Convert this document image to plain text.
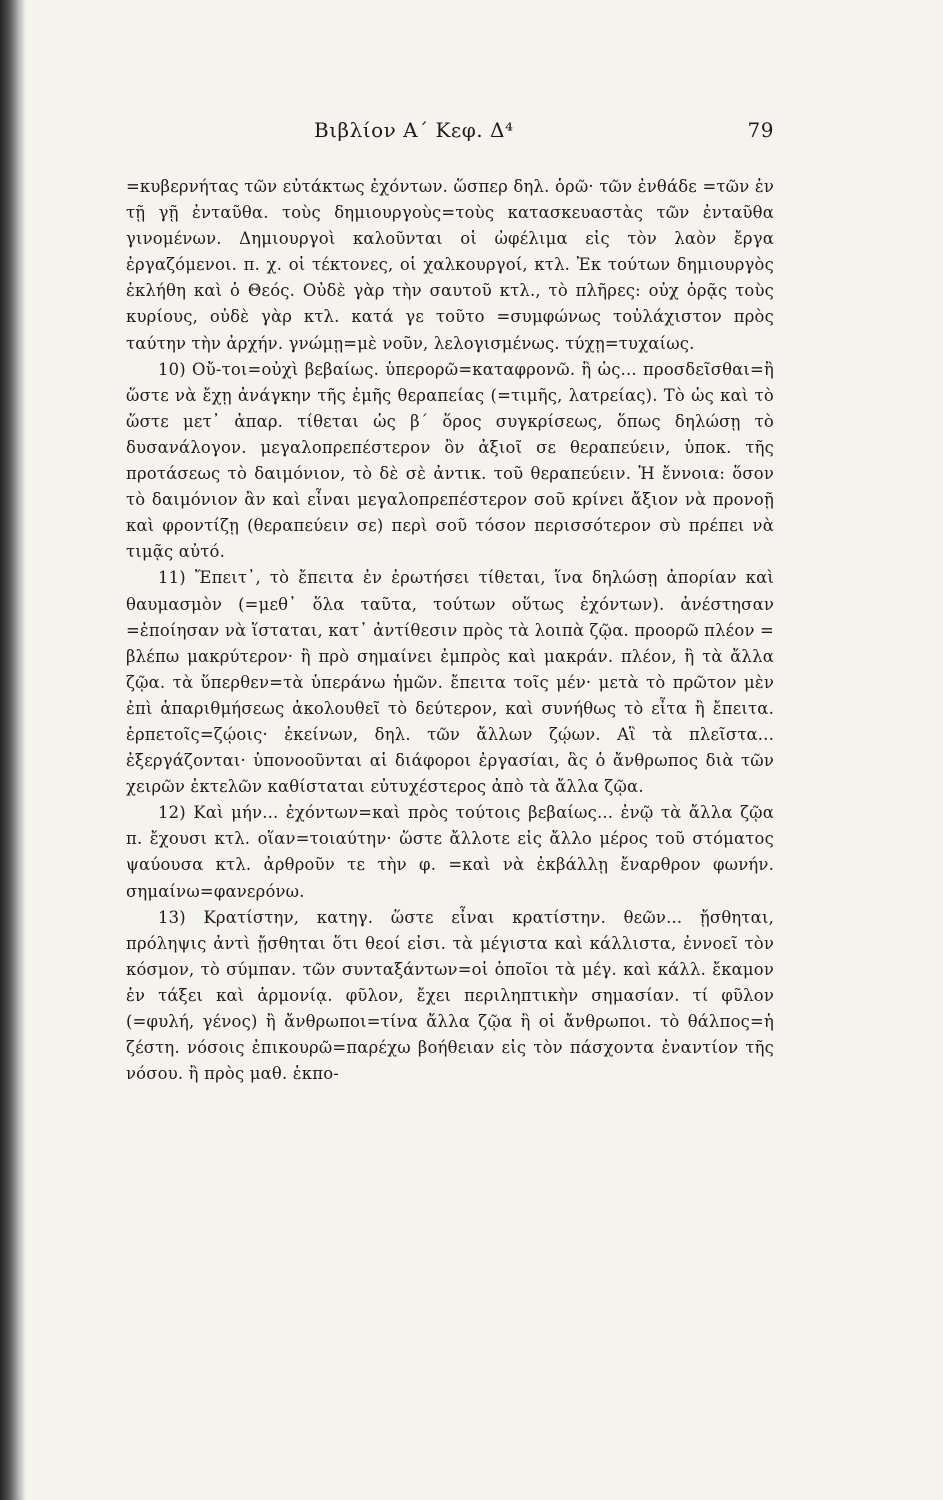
Βιβλίον Α΄ Κεφ. Δ⁴	79

=κυβερνήτας τῶν εὐτάκτως ἐχόντων. ὥσπερ δηλ. ὁρῶ· τῶν ἐνθάδε =τῶν ἐν τῇ γῇ ἐνταῦθα. τοὺς δημιουργοὺς=τοὺς κατασκευαστὰς τῶν ἐνταῦθα γινομένων. Δημιουργοὶ καλοῦνται οἱ ὠφέλιμα εἰς τὸν λαὸν ἔργα ἐργαζόμενοι. π. χ. οἱ τέκτονες, οἱ χαλκουργοί, κτλ. Ἐκ τούτων δημιουργὸς ἐκλήθη καὶ ὁ Θεός. Οὐδὲ γὰρ τὴν σαυτοῦ κτλ., τὸ πλῆρες: οὐχ ὁρᾷς τοὺς κυρίους, οὐδὲ γὰρ κτλ. κατά γε τοῦτο =συμφώνως τοὐλάχιστον πρὸς ταύτην τὴν ἀρχήν. γνώμῃ=μὲ νοῦν, λελογισμένως. τύχῃ=τυχαίως.

10) Οὔ-τοι=οὐχὶ βεβαίως. ὑπερορῶ=καταφρονῶ. ἢ ὡς... προσδεῖσθαι=ἢ ὥστε νὰ ἔχῃ ἀνάγκην τῆς ἐμῆς θεραπείας (=τιμῆς, λατρείας). Τὸ ὡς καὶ τὸ ὥστε μετ᾿ ἀπαρ. τίθεται ὡς β΄ ὅρος συγκρίσεως, ὅπως δηλώσῃ τὸ δυσανάλογον. μεγαλοπρεπέστερον ὂν ἀξιοῖ σε θεραπεύειν, ὑποκ. τῆς προτάσεως τὸ δαιμόνιον, τὸ δὲ σὲ ἀντικ. τοῦ θεραπεύειν. Ἡ ἔννοια: ὅσον τὸ δαιμόνιον ἂν καὶ εἶναι μεγαλοπρεπέστερον σοῦ κρίνει ἄξιον νὰ προνοῇ καὶ φροντίζῃ (θεραπεύειν σε) περὶ σοῦ τόσον περισσότερον σὺ πρέπει νὰ τιμᾷς αὐτό.

11) Ἔπειτ᾿, τὸ ἔπειτα ἐν ἐρωτήσει τίθεται, ἵνα δηλώσῃ ἀπορίαν καὶ θαυμασμὸν (=μεθ᾿ ὅλα ταῦτα, τούτων οὕτως ἐχόντων). ἀνέστησαν =ἐποίησαν νὰ ἵσταται, κατ᾿ ἀντίθεσιν πρὸς τὰ λοιπὰ ζῷα. προορῶ πλέον = βλέπω μακρύτερον· ἢ πρὸ σημαίνει ἐμπρὸς καὶ μακράν. πλέον, ἢ τὰ ἄλλα ζῷα. τὰ ὕπερθεν=τὰ ὑπεράνω ἡμῶν. ἔπειτα τοῖς μέν· μετὰ τὸ πρῶτον μὲν ἐπὶ ἀπαριθμήσεως ἀκολουθεῖ τὸ δεύτερον, καὶ συνήθως τὸ εἶτα ἢ ἔπειτα. ἑρπετοῖς=ζῴοις· ἐκείνων, δηλ. τῶν ἄλλων ζῴων. Αἳ τὰ πλεῖστα... ἐξεργάζονται· ὑπονοοῦνται αἱ διάφοροι ἐργασίαι, ἃς ὁ ἄνθρωπος διὰ τῶν χειρῶν ἐκτελῶν καθίσταται εὐτυχέστερος ἀπὸ τὰ ἄλλα ζῷα.

12) Καὶ μήν... ἐχόντων=καὶ πρὸς τούτοις βεβαίως... ἐνῷ τὰ ἄλλα ζῷα π. ἔχουσι κτλ. οἵαν=τοιαύτην· ὥστε ἄλλοτε εἰς ἄλλο μέρος τοῦ στόματος ψαύουσα κτλ. ἀρθροῦν τε τὴν φ. =καὶ νὰ ἐκβάλλῃ ἔναρθρον φωνήν. σημαίνω=φανερόνω.

13) Κρατίστην, κατηγ. ὥστε εἶναι κρατίστην. θεῶν... ᾔσθηται, πρόληψις ἀντὶ ᾔσθηται ὅτι θεοί εἰσι. τὰ μέγιστα καὶ κάλλιστα, ἐννοεῖ τὸν κόσμον, τὸ σύμπαν. τῶν συνταξάντων=οἱ ὁποῖοι τὰ μέγ. καὶ κάλλ. ἔκαμον ἐν τάξει καὶ ἁρμονίᾳ. φῦλον, ἔχει περιληπτικὴν σημασίαν. τί φῦλον (=φυλή, γένος) ἢ ἄνθρωποι=τίνα ἄλλα ζῷα ἢ οἱ ἄνθρωποι. τὸ θάλπος=ἡ ζέστη. νόσοις ἐπικουρῶ=παρέχω βοήθειαν εἰς τὸν πάσχοντα ἐναντίον τῆς νόσου. ἢ πρὸς μαθ. ἐκπο-
